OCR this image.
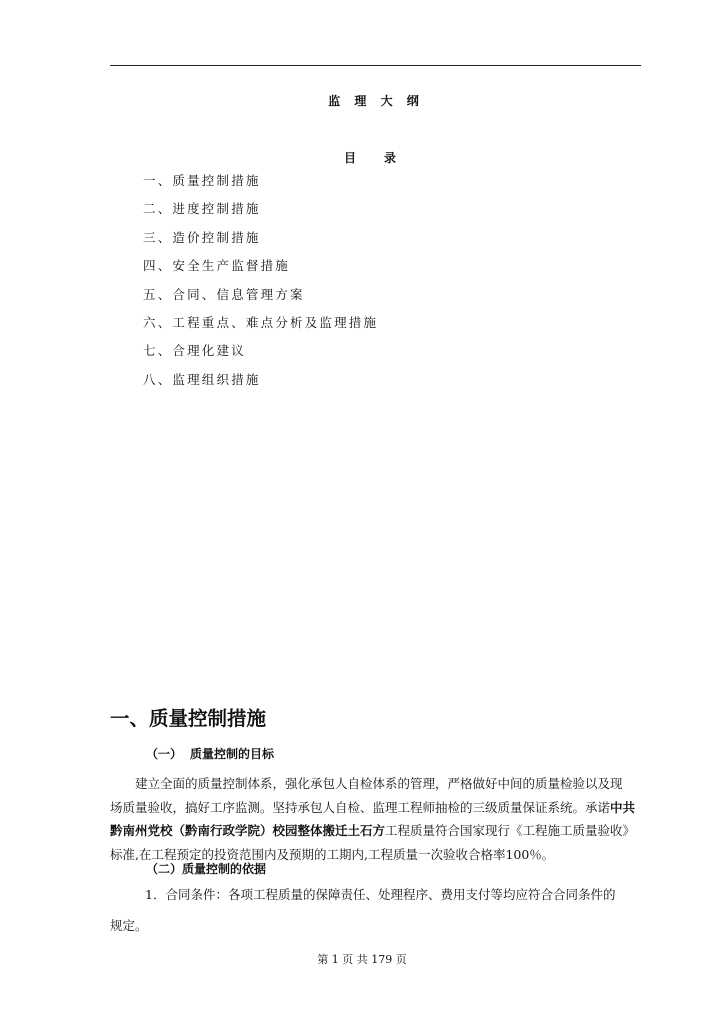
监 理 大 纲
目 录
一、质量控制措施
二、进度控制措施
三、造价控制措施
四、安全生产监督措施
五、合同、信息管理方案
六、工程重点、难点分析及监理措施
七、合理化建议
八、监理组织措施
一、质量控制措施
（一） 质量控制的目标
建立全面的质量控制体系，强化承包人自检体系的管理，严格做好中间的质量检验以及现
场质量验收，搞好工序监测。坚持承包人自检、监理工程师抽检的三级质量保证系统。承诺中共
黔南州党校（黔南行政学院）校园整体搬迁土石方工程质量符合国家现行《工程施工质量验收》
标准,在工程预定的投资范围内及预期的工期内,工程质量一次验收合格率100％。
（二）质量控制的依据
1．合同条件：各项工程质量的保障责任、处理程序、费用支付等均应符合合同条件的
规定。
第 1 页 共 179 页
